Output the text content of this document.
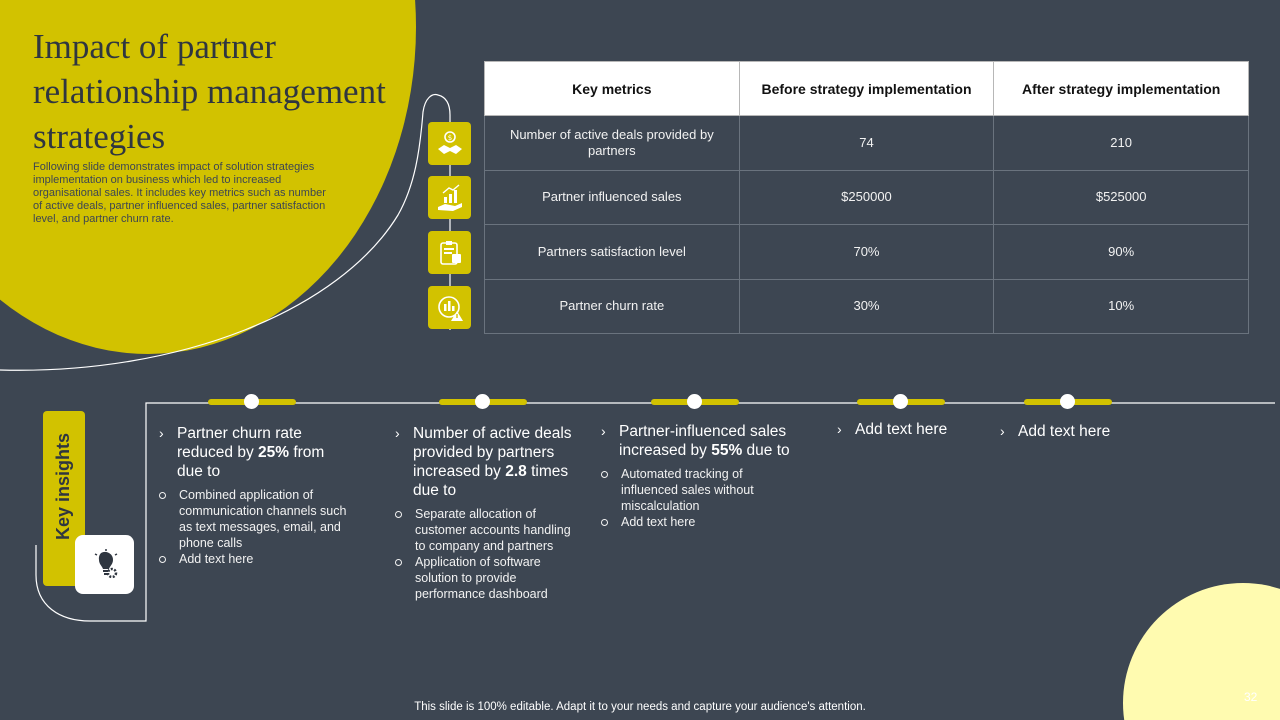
Impact of partner relationship management strategies
Following slide demonstrates impact of solution strategies implementation on business which led to increased organisational sales. It includes key metrics such as number of active deals, partner influenced sales, partner satisfaction level, and partner churn rate.
$
Key metrics	Before strategy implementation	After strategy implementation
Number of active deals provided by partners	74	210
Partner influenced sales	$250000	$525000
Partners satisfaction level	70%	90%
Partner churn rate	30%	10%
Key insights	› Partner churn rate reduced by 25% from due to
Combined application of communication channels such as text messages, email, and phone calls
Add text here
› Number of active deals provided by partners increased by 2.8 times due to
Separate allocation of customer accounts handling to company and partners
Application of software solution to provide performance dashboard
› Partner-influenced sales increased by 55% due to
Automated tracking of influenced sales without miscalculation
Add text here
› Add text here	› Add text here
This slide is 100% editable. Adapt it to your needs and capture your audience's attention.
32
